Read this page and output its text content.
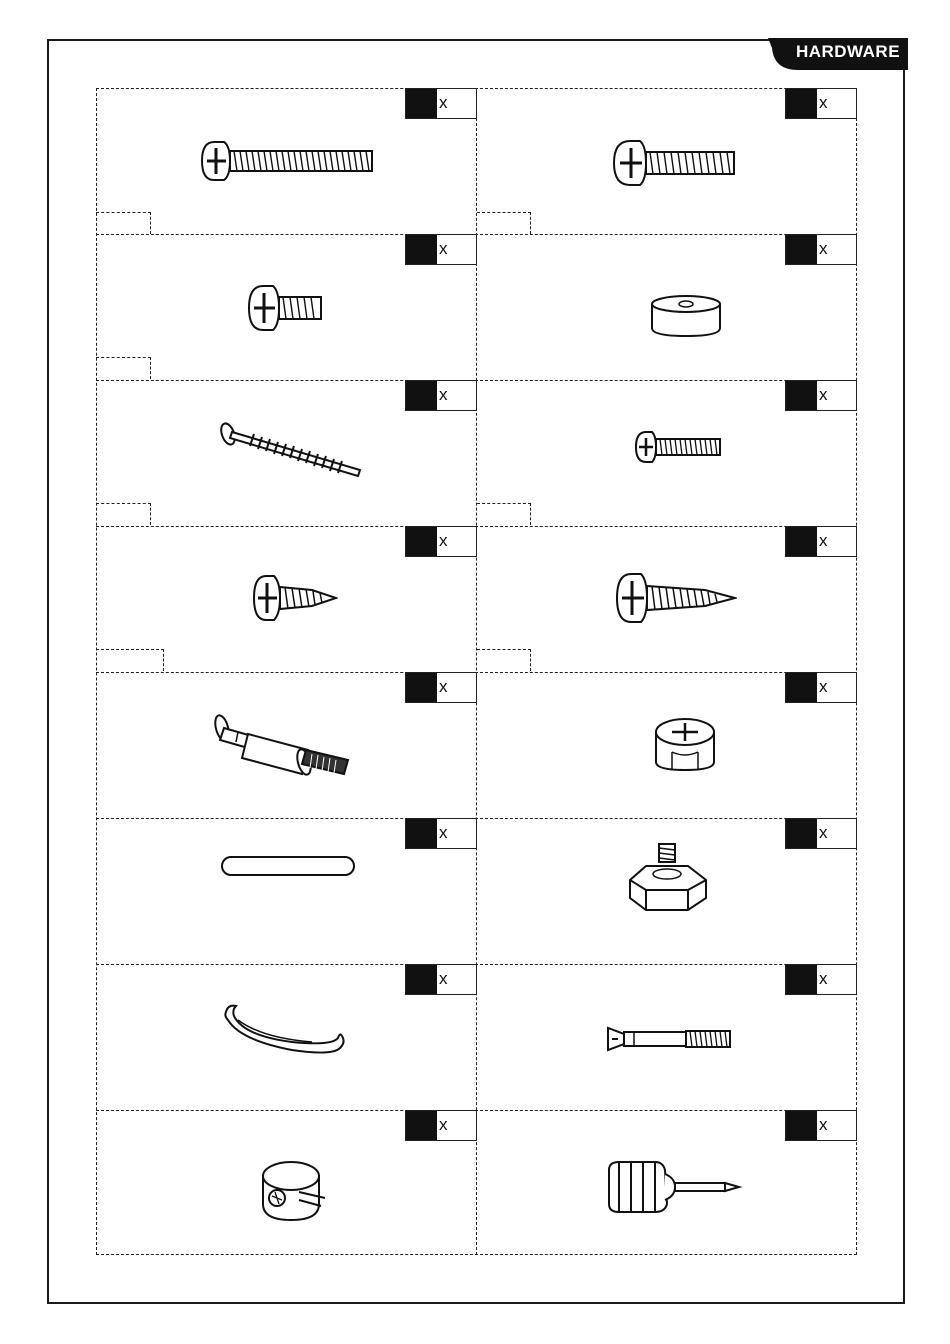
HARDWARE
x	x
x	x
x	x
x	x
x	x
x	x
x	x
x	x
